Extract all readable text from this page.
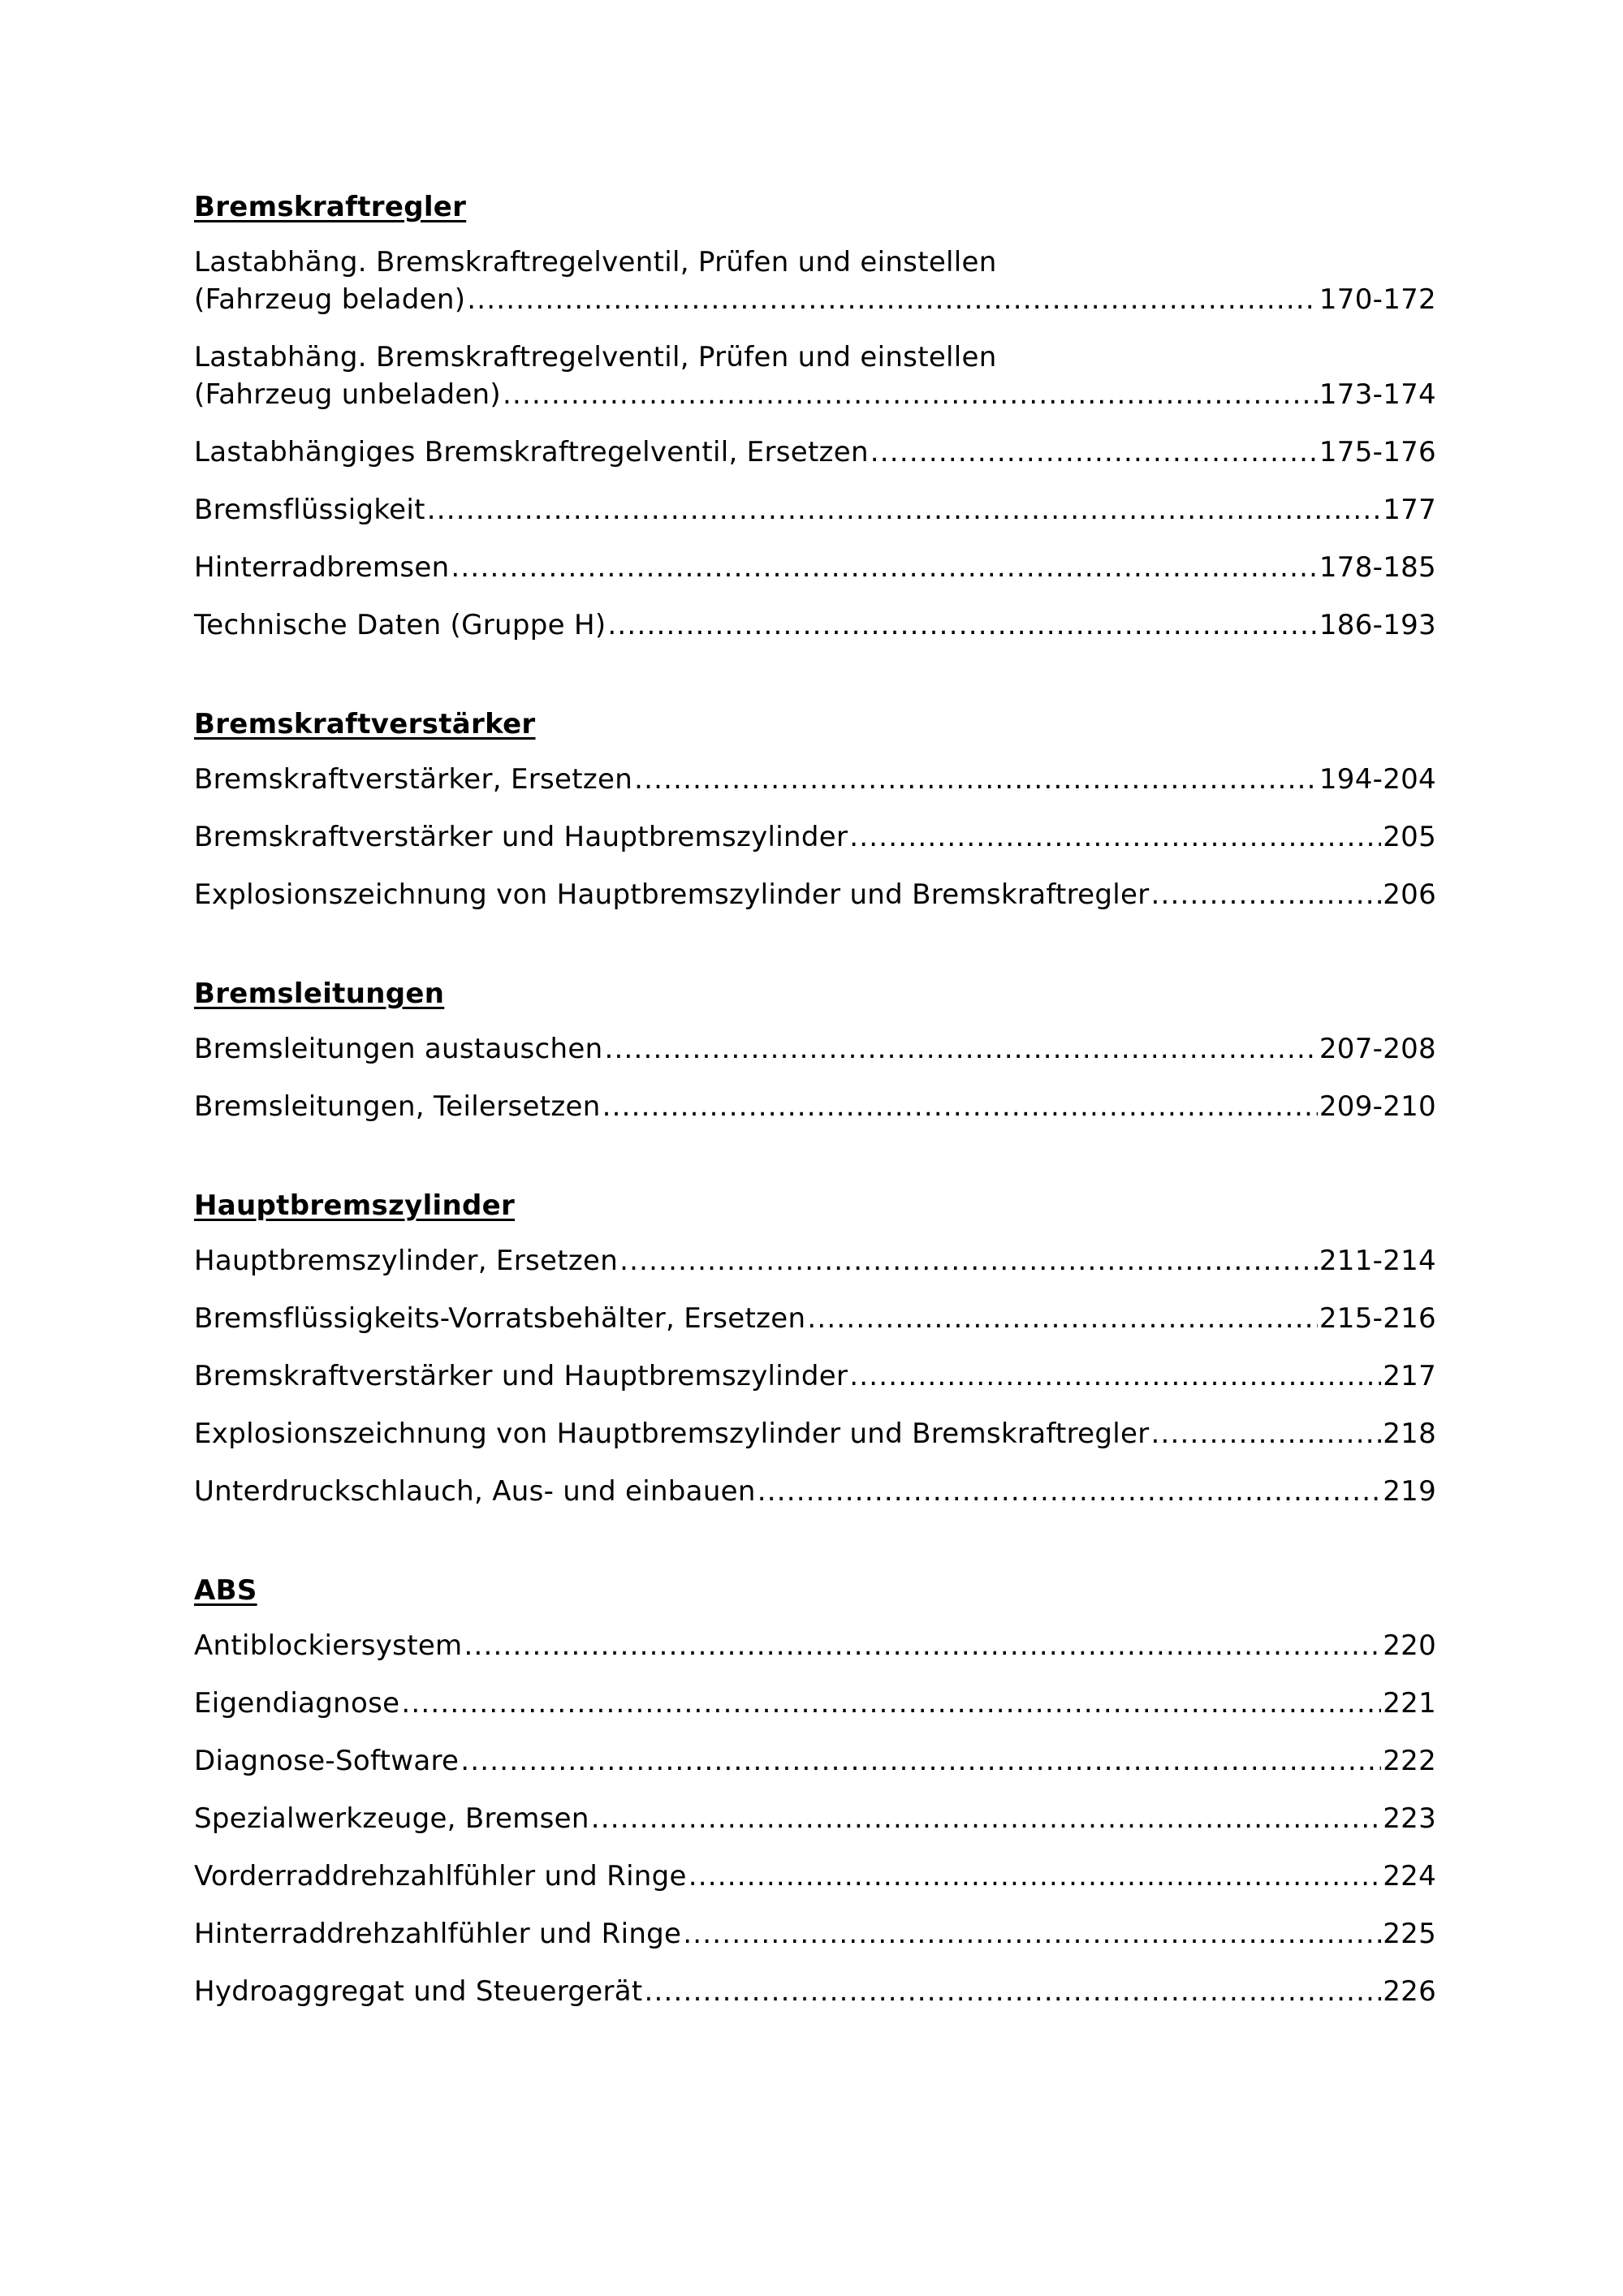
Bremskraftregler
Lastabhäng. Bremskraftregelventil, Prüfen und einstellen
(Fahrzeug beladen) .....	170-172
Lastabhäng. Bremskraftregelventil, Prüfen und einstellen
(Fahrzeug unbeladen) .....	173-174
Lastabhängiges Bremskraftregelventil, Ersetzen .....	175-176
Bremsflüssigkeit .....	177
Hinterradbremsen .....	178-185
Technische Daten (Gruppe H) .....	186-193
Bremskraftverstärker
Bremskraftverstärker, Ersetzen .....	194-204
Bremskraftverstärker und Hauptbremszylinder .....	205
Explosionszeichnung von Hauptbremszylinder und Bremskraftregler .....	206
Bremsleitungen
Bremsleitungen austauschen .....	207-208
Bremsleitungen, Teilersetzen .....	209-210
Hauptbremszylinder
Hauptbremszylinder, Ersetzen .....	211-214
Bremsflüssigkeits-Vorratsbehälter, Ersetzen .....	215-216
Bremskraftverstärker und Hauptbremszylinder .....	217
Explosionszeichnung von Hauptbremszylinder und Bremskraftregler .....	218
Unterdruckschlauch, Aus- und einbauen .....	219
ABS
Antiblockiersystem .....	220
Eigendiagnose .....	221
Diagnose-Software .....	222
Spezialwerkzeuge, Bremsen .....	223
Vorderraddrehzahlfühler und Ringe .....	224
Hinterraddrehzahlfühler und Ringe .....	225
Hydroaggregat und Steuergerät .....	226
